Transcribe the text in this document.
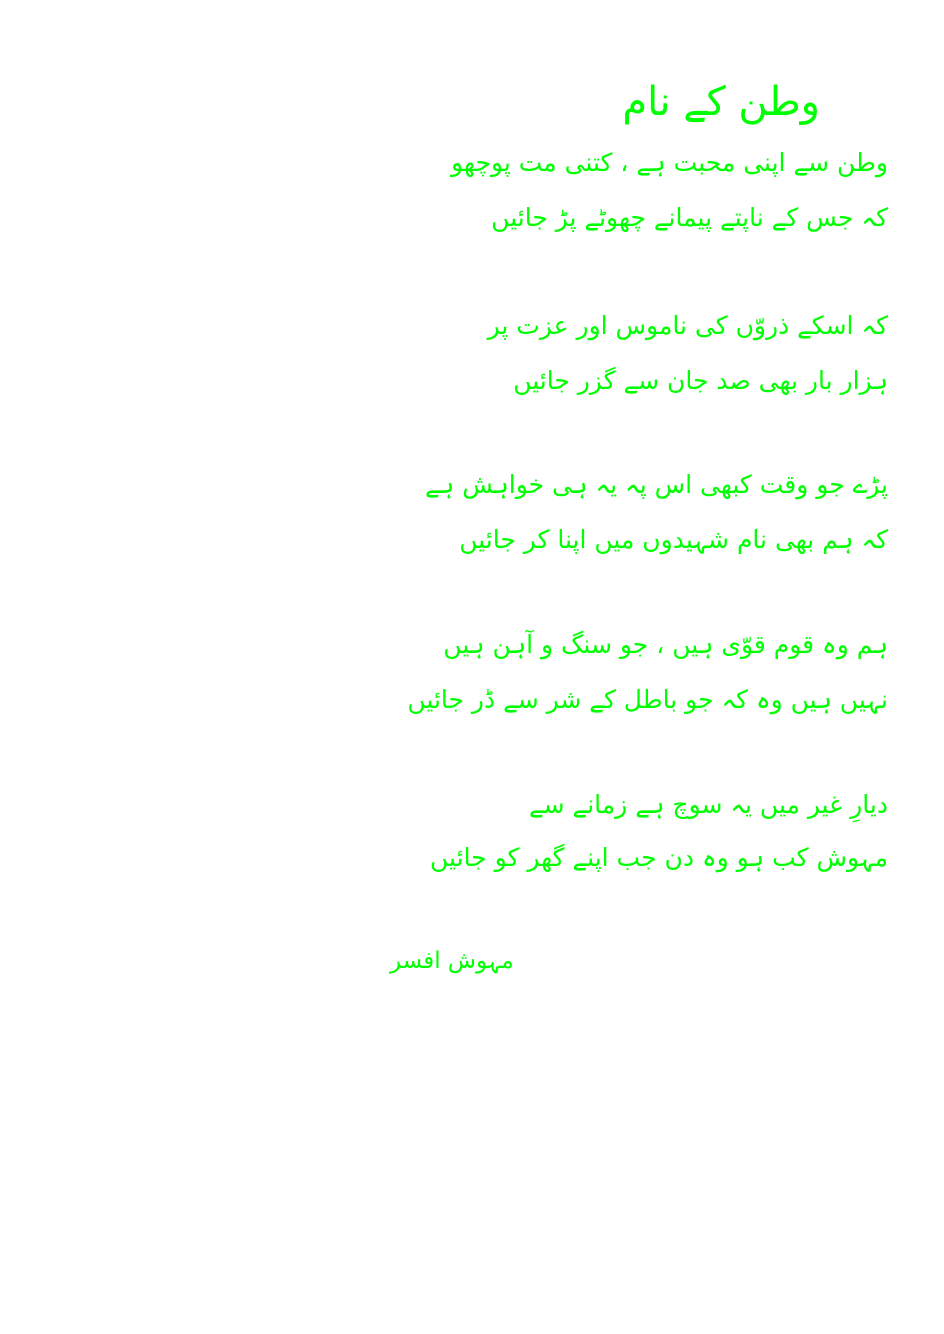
وطن کے نام
وطن سے اپنی محبت ہے ، کتنی مت پوچھو
کہ جس کے ناپتے پیمانے چھوٹے پڑ جائیں
کہ اسکے ذروّں کی ناموس اور عزت پر
ہزار بار بھی صد جان سے گزر جائیں
پڑے جو وقت کبھی اس پہ یہ ہی خواہش ہے
کہ ہم بھی نام شہیدوں میں اپنا کر جائیں
ہم وہ قوم قوّی ہیں ، جو سنگ و آہن ہیں
نہیں ہیں وہ کہ جو باطل کے شر سے ڈر جائیں
دیارِ غیر میں یہ سوچ ہے زمانے سے
مہوش کب ہو وہ دن جب اپنے گھر کو جائیں
مہوش افسر
